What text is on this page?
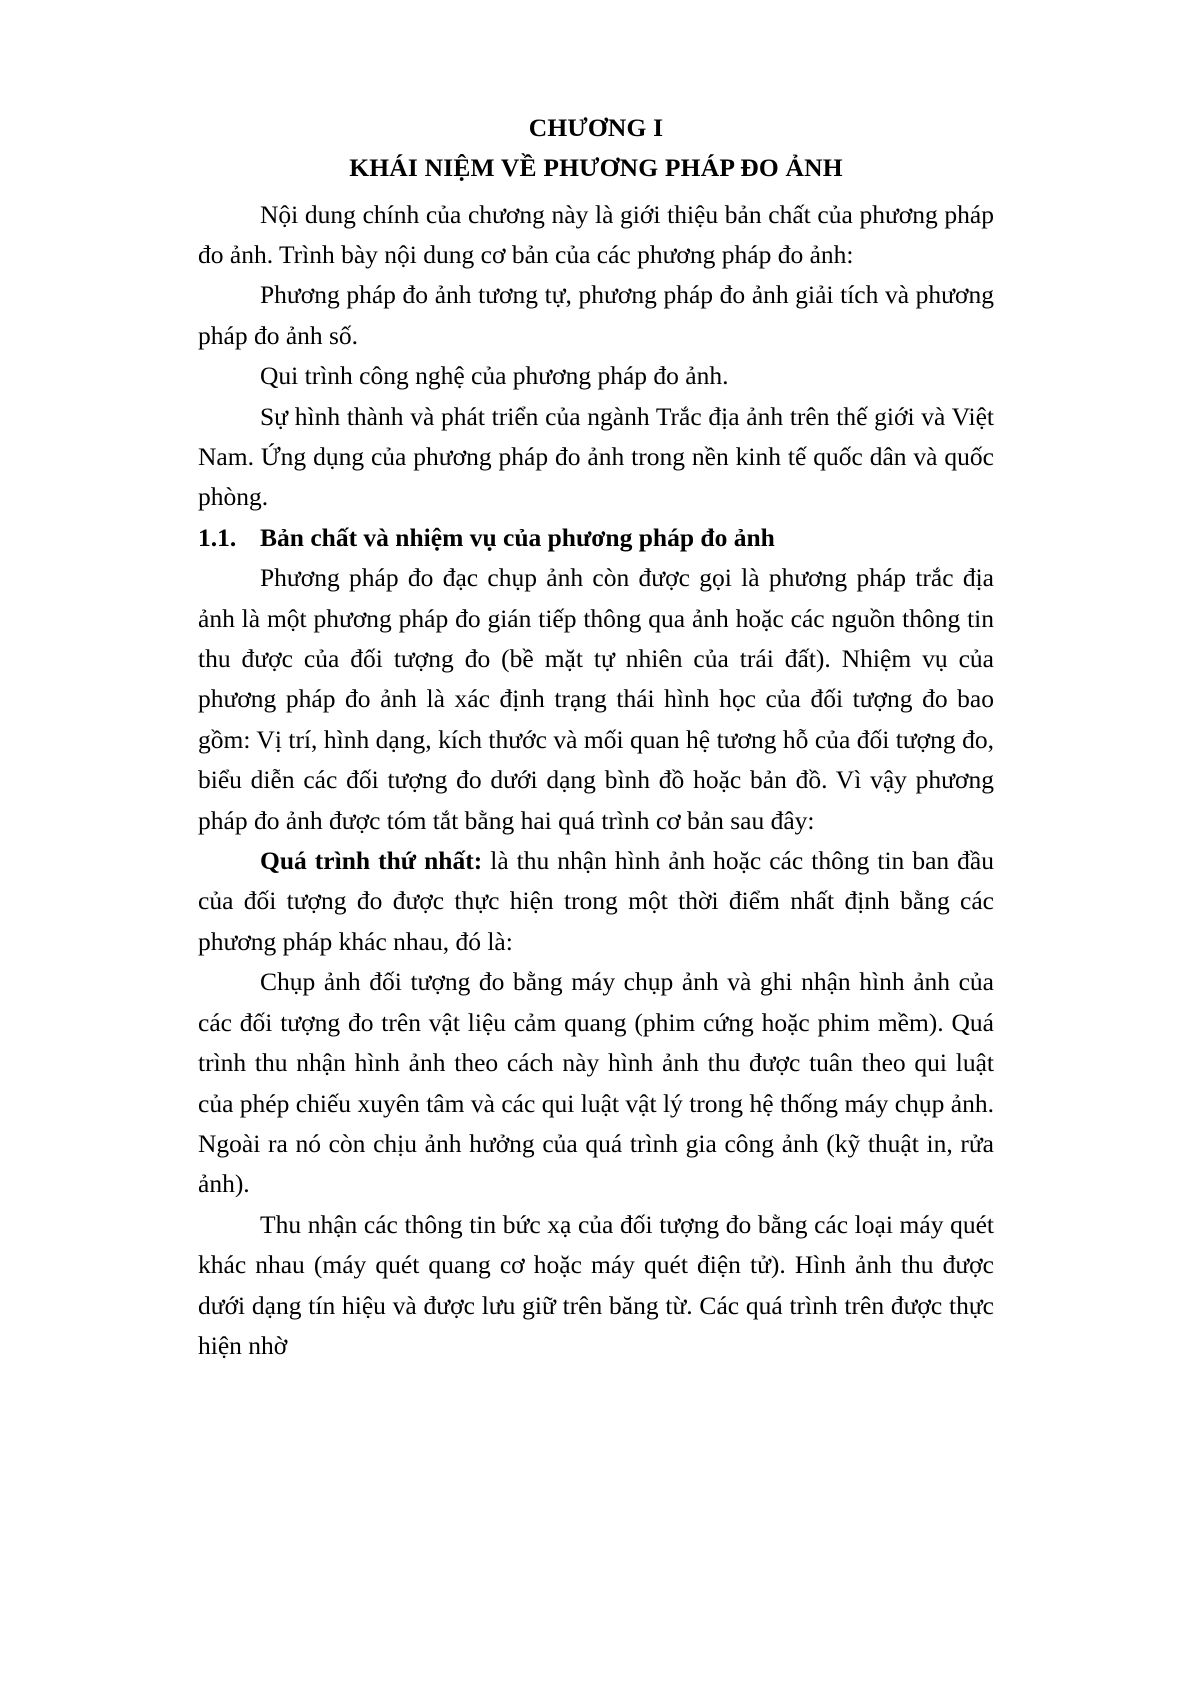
CHƯƠNG I
KHÁI NIỆM VỀ PHƯƠNG PHÁP ĐO ẢNH

Nội dung chính của chương này là giới thiệu bản chất của phương pháp đo ảnh. Trình bày nội dung cơ bản của các phương pháp đo ảnh:

Phương pháp đo ảnh tương tự, phương pháp đo ảnh giải tích và phương pháp đo ảnh số.

Qui trình công nghệ của phương pháp đo ảnh.

Sự hình thành và phát triển của ngành Trắc địa ảnh trên thế giới và Việt Nam. Ứng dụng của phương pháp đo ảnh trong nền kinh tế quốc dân và quốc phòng.

1.1. Bản chất và nhiệm vụ của phương pháp đo ảnh

Phương pháp đo đạc chụp ảnh còn được gọi là phương pháp trắc địa ảnh là một phương pháp đo gián tiếp thông qua ảnh hoặc các nguồn thông tin thu được của đối tượng đo (bề mặt tự nhiên của trái đất). Nhiệm vụ của phương pháp đo ảnh là xác định trạng thái hình học của đối tượng đo bao gồm: Vị trí, hình dạng, kích thước và mối quan hệ tương hỗ của đối tượng đo, biểu diễn các đối tượng đo dưới dạng bình đồ hoặc bản đồ. Vì vậy phương pháp đo ảnh được tóm tắt bằng hai quá trình cơ bản sau đây:

Quá trình thứ nhất: là thu nhận hình ảnh hoặc các thông tin ban đầu của đối tượng đo được thực hiện trong một thời điểm nhất định bằng các phương pháp khác nhau, đó là:

Chụp ảnh đối tượng đo bằng máy chụp ảnh và ghi nhận hình ảnh của các đối tượng đo trên vật liệu cảm quang (phim cứng hoặc phim mềm). Quá trình thu nhận hình ảnh theo cách này hình ảnh thu được tuân theo qui luật của phép chiếu xuyên tâm và các qui luật vật lý trong hệ thống máy chụp ảnh. Ngoài ra nó còn chịu ảnh hưởng của quá trình gia công ảnh (kỹ thuật in, rửa ảnh).

Thu nhận các thông tin bức xạ của đối tượng đo bằng các loại máy quét khác nhau (máy quét quang cơ hoặc máy quét điện tử). Hình ảnh thu được dưới dạng tín hiệu và được lưu giữ trên băng từ. Các quá trình trên được thực hiện nhờ
